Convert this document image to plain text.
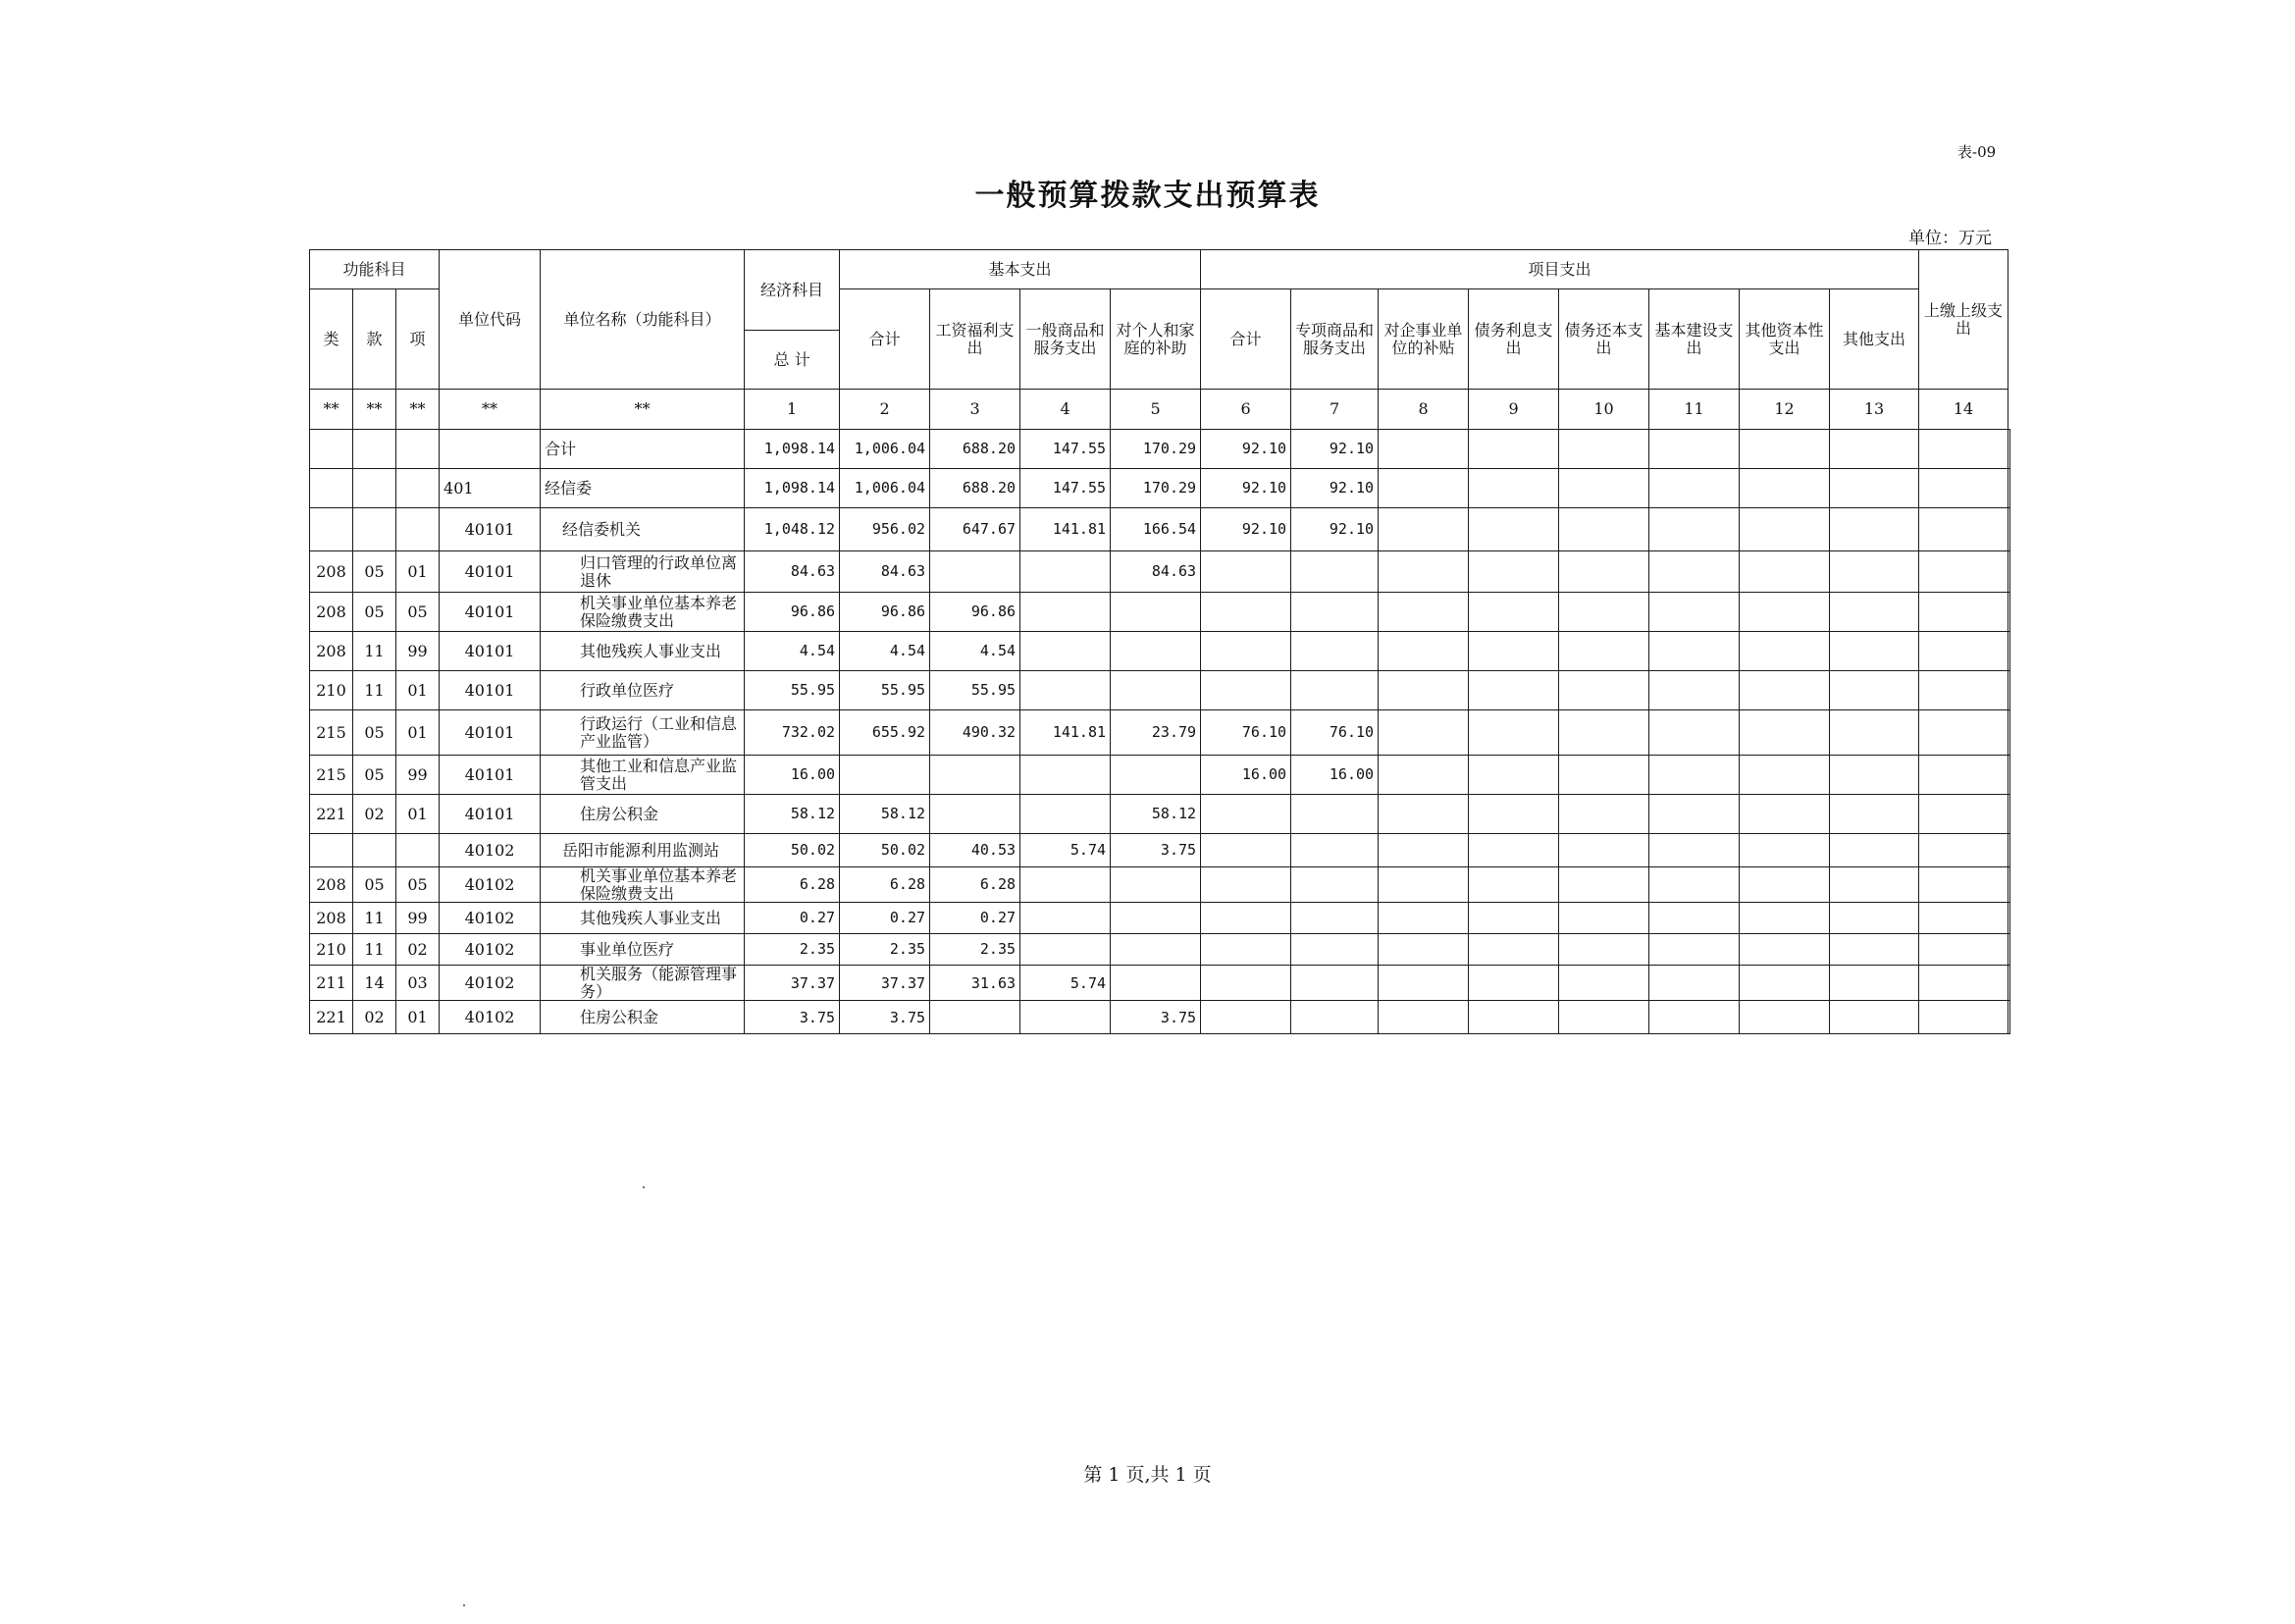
表-09
一般预算拨款支出预算表
单位：万元
功能科目			单位代码	单位名称（功能科目）	经济科目	基本支出				项目支出								上缴上级支出	
类	款	项				合计	工资福利支出	一般商品和服务支出	对个人和家庭的补助	合计	专项商品和服务支出	对企事业单位的补贴	债务利息支出	债务还本支出	基本建设支出	其他资本性支出	其他支出		
					总 计														
**	**	**	**	**	1	2	3	4	5	6	7	8	9	10	11	12	13	14	
				合计	1,098.14	1,006.04	688.20	147.55	170.29	92.10	92.10								
			401	经信委	1,098.14	1,006.04	688.20	147.55	170.29	92.10	92.10								
			40101	经信委机关	1,048.12	956.02	647.67	141.81	166.54	92.10	92.10								
208	05	01	40101	归口管理的行政单位离退休	84.63	84.63			84.63										
208	05	05	40101	机关事业单位基本养老保险缴费支出	96.86	96.86	96.86												
208	11	99	40101	其他残疾人事业支出	4.54	4.54	4.54												
210	11	01	40101	行政单位医疗	55.95	55.95	55.95												
215	05	01	40101	行政运行（工业和信息产业监管）	732.02	655.92	490.32	141.81	23.79	76.10	76.10								
215	05	99	40101	其他工业和信息产业监管支出	16.00					16.00	16.00								
221	02	01	40101	住房公积金	58.12	58.12			58.12										
			40102	岳阳市能源利用监测站	50.02	50.02	40.53	5.74	3.75										
208	05	05	40102	机关事业单位基本养老保险缴费支出	6.28	6.28	6.28												
208	11	99	40102	其他残疾人事业支出	0.27	0.27	0.27												
210	11	02	40102	事业单位医疗	2.35	2.35	2.35												
211	14	03	40102	机关服务（能源管理事务）	37.37	37.37	31.63	5.74											
221	02	01	40102	住房公积金	3.75	3.75			3.75										
第 1 页,共 1 页
